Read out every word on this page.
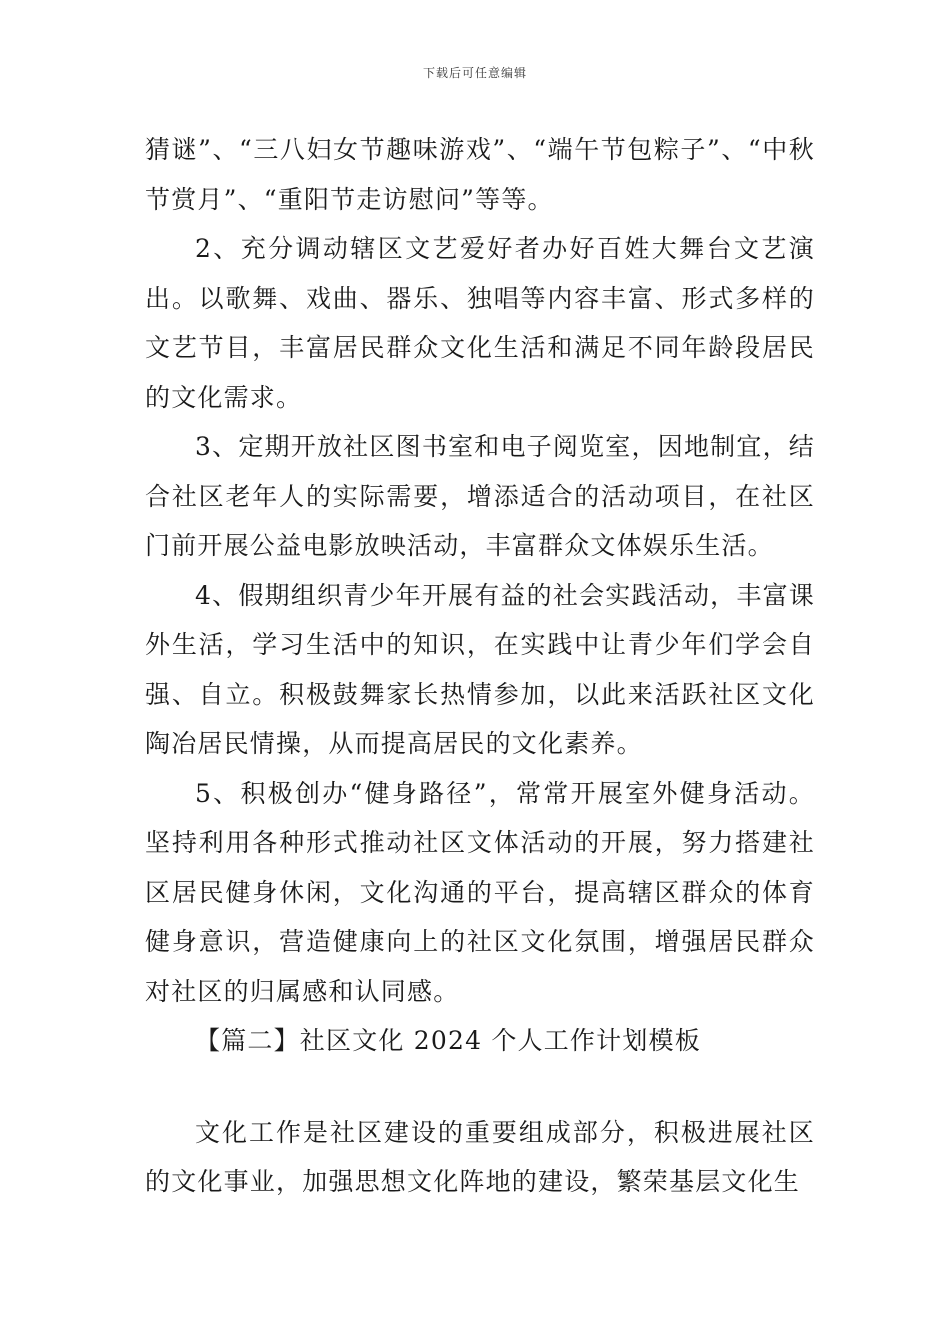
下载后可任意编辑

猜谜”、“三八妇女节趣味游戏”、“端午节包粽子”、“中秋节赏月”、“重阳节走访慰问”等等。

2、充分调动辖区文艺爱好者办好百姓大舞台文艺演出。以歌舞、戏曲、器乐、独唱等内容丰富、形式多样的文艺节目，丰富居民群众文化生活和满足不同年龄段居民的文化需求。

3、定期开放社区图书室和电子阅览室，因地制宜，结合社区老年人的实际需要，增添适合的活动项目，在社区门前开展公益电影放映活动，丰富群众文体娱乐生活。

4、假期组织青少年开展有益的社会实践活动，丰富课外生活，学习生活中的知识，在实践中让青少年们学会自强、自立。积极鼓舞家长热情参加，以此来活跃社区文化陶冶居民情操，从而提高居民的文化素养。

5、积极创办“健身路径”，常常开展室外健身活动。坚持利用各种形式推动社区文体活动的开展，努力搭建社区居民健身休闲，文化沟通的平台，提高辖区群众的体育健身意识，营造健康向上的社区文化氛围，增强居民群众对社区的归属感和认同感。

【篇二】社区文化 2024 个人工作计划模板

文化工作是社区建设的重要组成部分，积极进展社区的文化事业，加强思想文化阵地的建设，繁荣基层文化生
